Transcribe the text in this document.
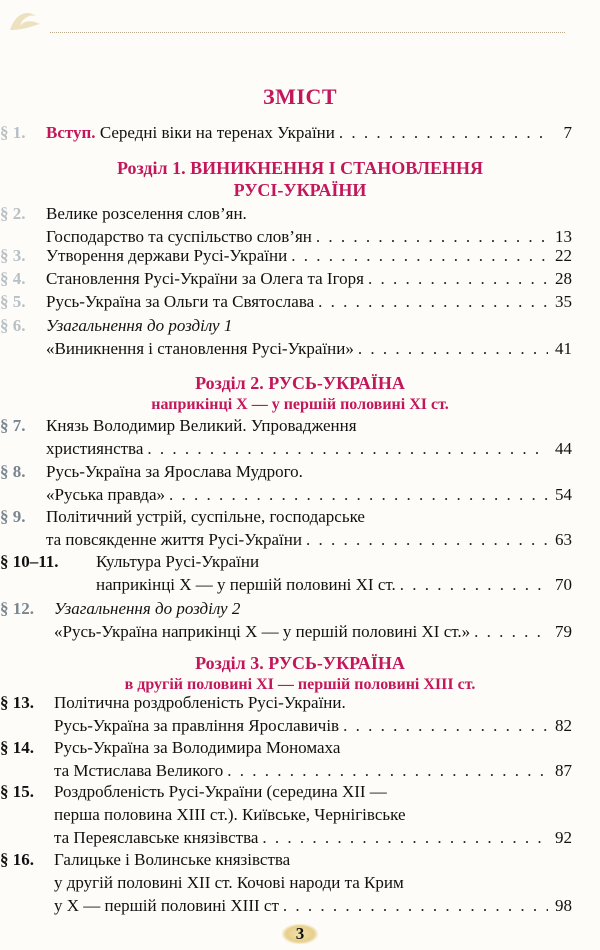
ЗМІСТ
§ 1. Вступ. Середні віки на теренах України . . .	7
Розділ 1. ВИНИКНЕННЯ І СТАНОВЛЕННЯ
РУСІ-УКРАЇНИ
§ 2. Велике розселення слов’ян.
Господарство та суспільство слов’ян . . .	13
§ 3. Утворення держави Русі-України . . .	22
§ 4. Становлення Русі-України за Олега та Ігоря . . .	28
§ 5. Русь-Україна за Ольги та Святослава . . .	35
§ 6. Узагальнення до розділу 1
«Виникнення і становлення Русі-України» . . .	41
Розділ 2. РУСЬ-УКРАЇНА
наприкінці X — у першій половині XI ст.
§ 7. Князь Володимир Великий. Упровадження
християнства . . .	44
§ 8. Русь-Україна за Ярослава Мудрого.
«Руська правда» . . .	54
§ 9. Політичний устрій, суспільне, господарське
та повсякденне життя Русі-України . . .	63
§ 10–11. Культура Русі-України
наприкінці X — у першій половині XI ст. . . .	70
§ 12. Узагальнення до розділу 2
«Русь-Україна наприкінці X — у першій половині XI ст.» . . .	79
Розділ 3. РУСЬ-УКРАЇНА
в другій половині XI — першій половині XIII ст.
§ 13. Політична роздробленість Русі-України.
Русь-Україна за правління Ярославичів . . .	82
§ 14. Русь-Україна за Володимира Мономаха
та Мстислава Великого . . .	87
§ 15. Роздробленість Русі-України (середина XII —
перша половина XIII ст.). Київське, Чернігівське
та Переяславське князівства . . .	92
§ 16. Галицьке і Волинське князівства
у другій половині XII ст. Кочові народи та Крим
у X — першій половині XIII ст . . .	98
3
